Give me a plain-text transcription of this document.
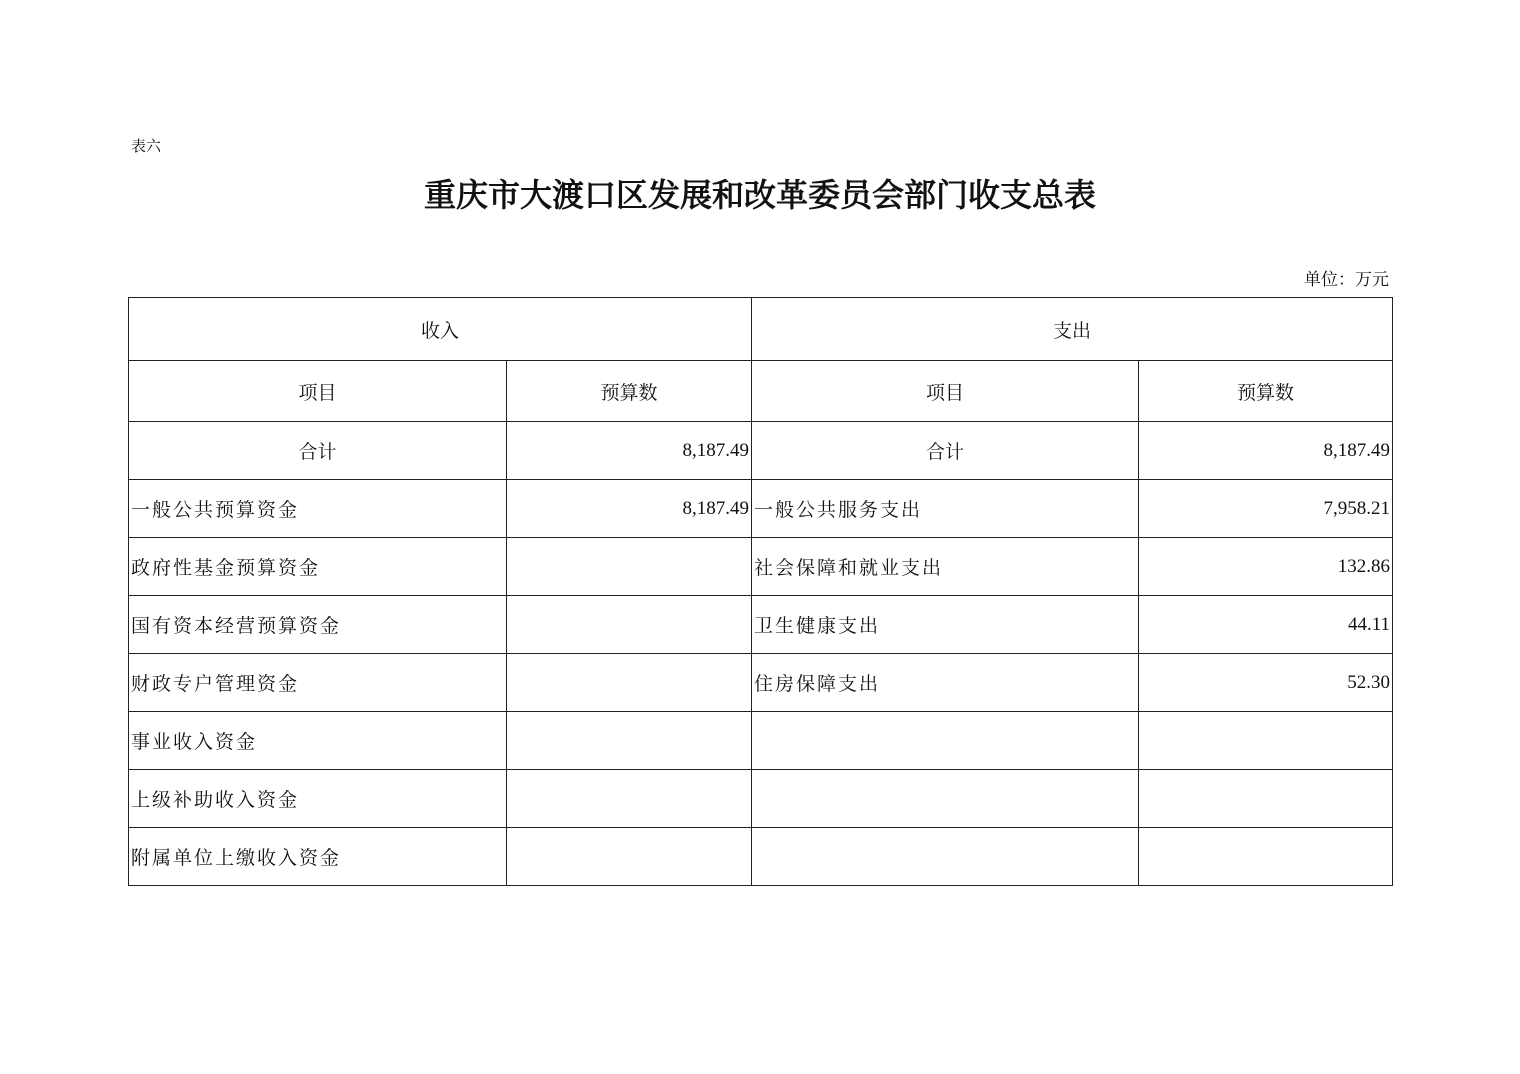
表六
重庆市大渡口区发展和改革委员会部门收支总表
单位：万元
收入		支出	
项目	预算数	项目	预算数
合计	8,187.49	合计	8,187.49
一般公共预算资金	8,187.49	一般公共服务支出	7,958.21
政府性基金预算资金		社会保障和就业支出	132.86
国有资本经营预算资金		卫生健康支出	44.11
财政专户管理资金		住房保障支出	52.30
事业收入资金			
上级补助收入资金			
附属单位上缴收入资金			
